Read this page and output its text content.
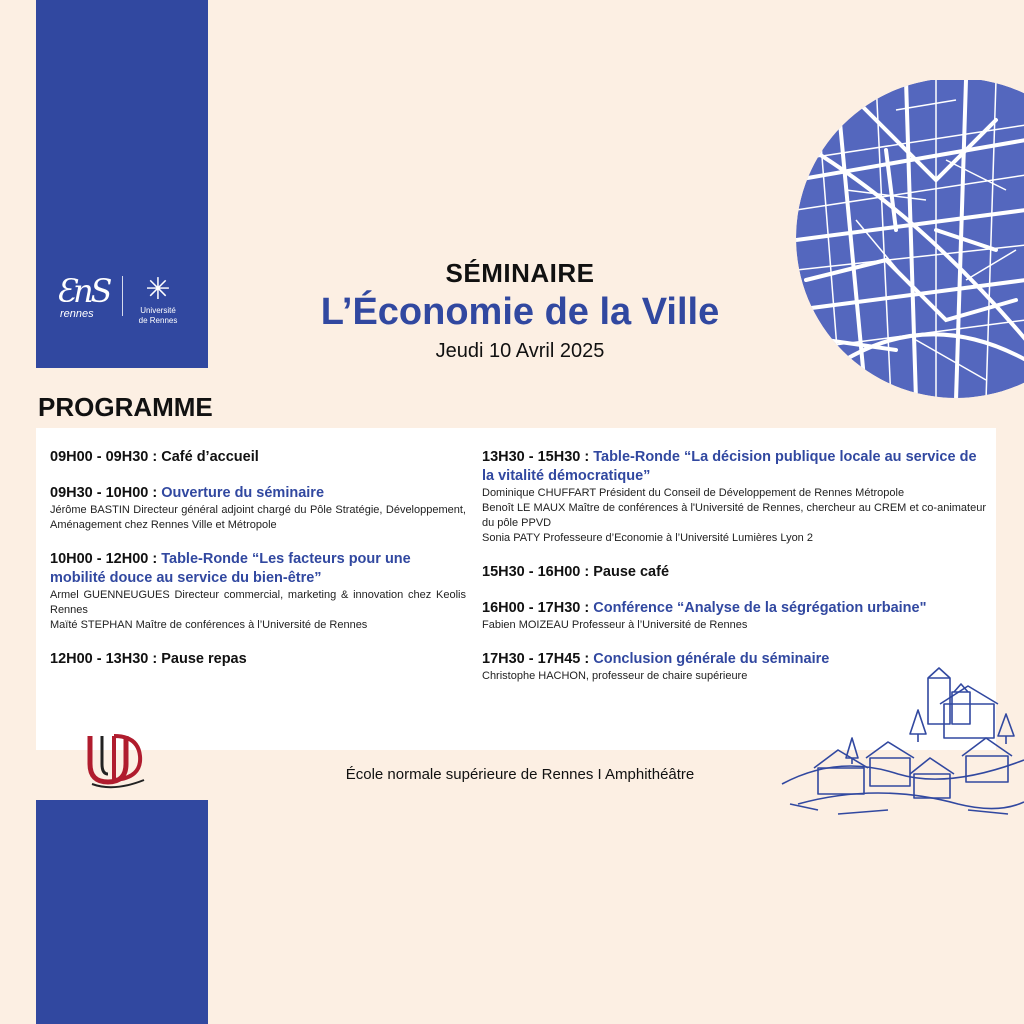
ƐnS
rennes
✳
Université
de Rennes
SÉMINAIRE
L’Économie de la Ville
Jeudi 10 Avril 2025
PROGRAMME
09H00 - 09H30 : Café d’accueil
09H30 - 10H00 : Ouverture du séminaire
Jérôme BASTIN Directeur général adjoint chargé du Pôle Stratégie, Développement, Aménagement chez Rennes Ville et Métropole
10H00 - 12H00 : Table-Ronde “Les facteurs pour une mobilité douce au service du bien-être”
Armel GUENNEUGUES Directeur commercial, marketing & innovation chez Keolis Rennes
Maïté STEPHAN Maître de conférences à l’Université de Rennes
12H00 - 13H30 : Pause repas
13H30 - 15H30 : Table-Ronde “La décision publique locale au service de la vitalité démocratique”
Dominique CHUFFART Président du Conseil de Développement de Rennes Métropole
Benoît LE MAUX Maître de conférences à l'Université de Rennes, chercheur au CREM et co-animateur du pôle PPVD
Sonia PATY Professeure d’Economie à l’Université Lumières Lyon 2
15H30 - 16H00 : Pause café
16H00 - 17H30 : Conférence “Analyse de la ségrégation urbaine"
Fabien MOIZEAU Professeur à l’Université de Rennes
17H30 - 17H45 : Conclusion générale du séminaire
Christophe HACHON, professeur de chaire supérieure
École normale supérieure de Rennes I Amphithéâtre
